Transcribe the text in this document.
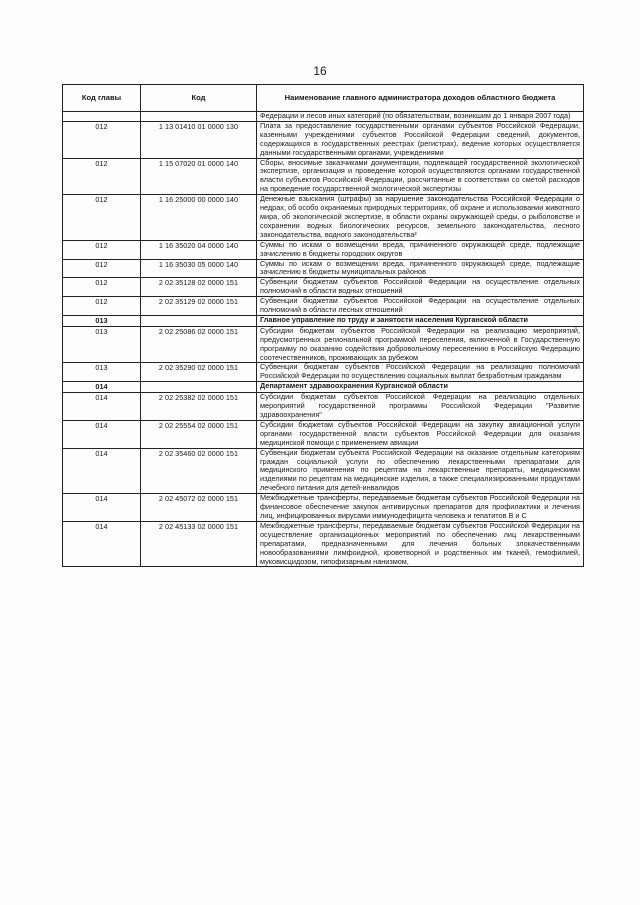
16
Код главы	Код	Наименование главного администратора доходов областного бюджета
		Федерации и лесов иных категорий (по обязательствам, возникшим до 1 января 2007 года)
012	1 13 01410 01 0000 130	Плата за предоставление государственными органами субъектов Российской Федерации, казенными учреждениями субъектов Российской Федерации сведений, документов, содержащихся в государственных реестрах (регистрах), ведение которых осуществляется данными государственными органами, учреждениями
012	1 15 07020 01 0000 140	Сборы, вносимые заказчиками документации, подлежащей государственной экологической экспертизе, организация и проведение которой осуществляются органами государственной власти субъектов Российской Федерации, рассчитанные в соответствии со сметой расходов на проведение государственной экологической экспертизы
012	1 16 25000 00 0000 140	Денежные взыскания (штрафы) за нарушение законодательства Российской Федерации о недрах, об особо охраняемых природных территориях, об охране и использовании животного мира, об экологической экспертизе, в области охраны окружающей среды, о рыболовстве и сохранении водных биологических ресурсов, земельного законодательства, лесного законодательства, водного законодательства²
012	1 16 35020 04 0000 140	Суммы по искам о возмещении вреда, причиненного окружающей среде, подлежащие зачислению в бюджеты городских округов
012	1 16 35030 05 0000 140	Суммы по искам о возмещении вреда, причиненного окружающей среде, подлежащие зачислению в бюджеты муниципальных районов
012	2 02 35128 02 0000 151	Субвенции бюджетам субъектов Российской Федерации на осуществление отдельных полномочий в области водных отношений
012	2 02 35129 02 0000 151	Субвенции бюджетам субъектов Российской Федерации на осуществление отдельных полномочий в области лесных отношений
013		Главное управление по труду и занятости населения Курганской области
013	2 02 25086 02 0000 151	Субсидии бюджетам субъектов Российской Федерации на реализацию мероприятий, предусмотренных региональной программой переселения, включенной в Государственную программу по оказанию содействия добровольному переселению в Российскую Федерацию соотечественников, проживающих за рубежом
013	2 02 35290 02 0000 151	Субвенции бюджетам субъектов Российской Федерации на реализацию полномочий Российской Федерации по осуществлению социальных выплат безработным гражданам
014		Департамент здравоохранения Курганской области
014	2 02 25382 02 0000 151	Субсидии бюджетам субъектов Российской Федерации на реализацию отдельных мероприятий государственной программы Российской Федерации "Развитие здравоохранения"
014	2 02 25554 02 0000 151	Субсидии бюджетам субъектов Российской Федерации на закупку авиационной услуги органами государственной власти субъектов Российской Федерации для оказания медицинской помощи с применением авиации
014	2 02 35460 02 0000 151	Субвенции бюджетам субъекта Российской Федерации на оказание отдельным категориям граждан социальной услуги по обеспечению лекарственными препаратами для медицинского применения по рецептам на лекарственные препараты, медицинскими изделиями по рецептам на медицинские изделия, а также специализированными продуктами лечебного питания для детей-инвалидов
014	2 02 45072 02 0000 151	Межбюджетные трансферты, передаваемые бюджетам субъектов Российской Федерации на финансовое обеспечение закупок антивирусных препаратов для профилактики и лечения лиц, инфицированных вирусами иммунодефицита человека и гепатитов В и С
014	2 02 45133 02 0000 151	Межбюджетные трансферты, передаваемые бюджетам субъектов Российской Федерации на осуществление организационных мероприятий по обеспечению лиц лекарственными препаратами, предназначенными для лечения больных злокачественными новообразованиями лимфоидной, кроветворной и родственных им тканей, гемофилией, муковисцидозом, гипофизарным нанизмом,
